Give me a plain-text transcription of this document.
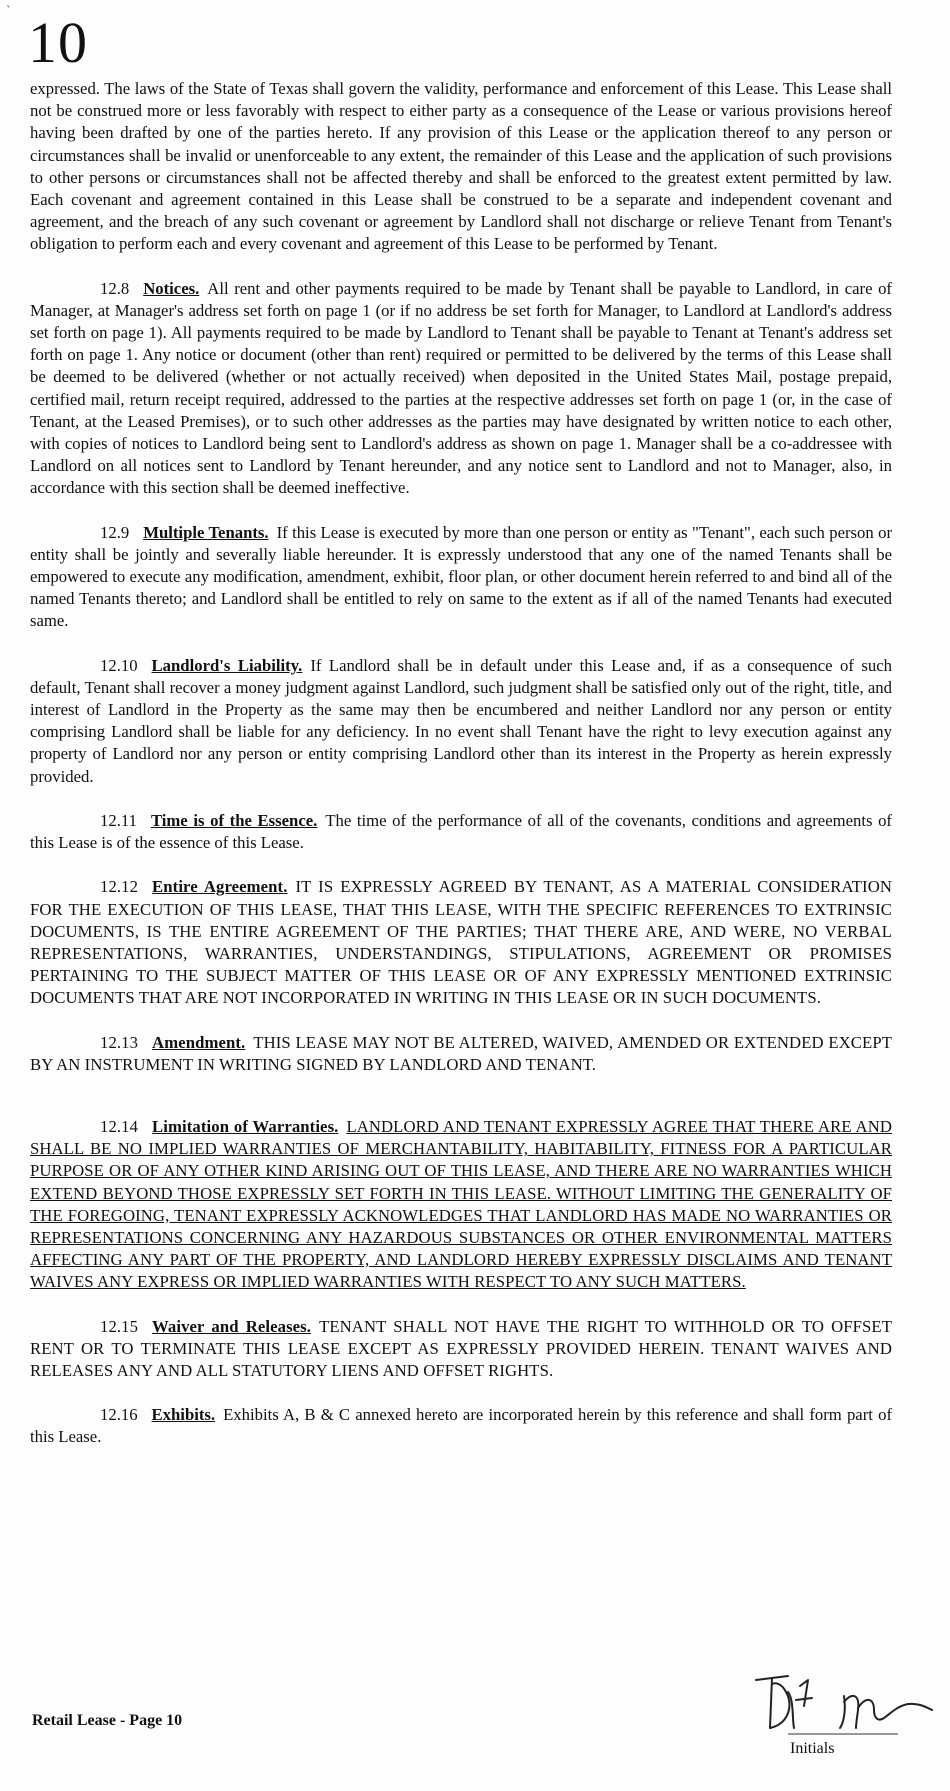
` 10

expressed. The laws of the State of Texas shall govern the validity, performance and enforcement of this Lease. This Lease shall not be construed more or less favorably with respect to either party as a consequence of the Lease or various provisions hereof having been drafted by one of the parties hereto. If any provision of this Lease or the application thereof to any person or circumstances shall be invalid or unenforceable to any extent, the remainder of this Lease and the application of such provisions to other persons or circumstances shall not be affected thereby and shall be enforced to the greatest extent permitted by law. Each covenant and agreement contained in this Lease shall be construed to be a separate and independent covenant and agreement, and the breach of any such covenant or agreement by Landlord shall not discharge or relieve Tenant from Tenant's obligation to perform each and every covenant and agreement of this Lease to be performed by Tenant.

12.8 Notices. All rent and other payments required to be made by Tenant shall be payable to Landlord, in care of Manager, at Manager's address set forth on page 1 (or if no address be set forth for Manager, to Landlord at Landlord's address set forth on page 1). All payments required to be made by Landlord to Tenant shall be payable to Tenant at Tenant's address set forth on page 1. Any notice or document (other than rent) required or permitted to be delivered by the terms of this Lease shall be deemed to be delivered (whether or not actually received) when deposited in the United States Mail, postage prepaid, certified mail, return receipt required, addressed to the parties at the respective addresses set forth on page 1 (or, in the case of Tenant, at the Leased Premises), or to such other addresses as the parties may have designated by written notice to each other, with copies of notices to Landlord being sent to Landlord's address as shown on page 1. Manager shall be a co-addressee with Landlord on all notices sent to Landlord by Tenant hereunder, and any notice sent to Landlord and not to Manager, also, in accordance with this section shall be deemed ineffective.

12.9 Multiple Tenants. If this Lease is executed by more than one person or entity as "Tenant", each such person or entity shall be jointly and severally liable hereunder. It is expressly understood that any one of the named Tenants shall be empowered to execute any modification, amendment, exhibit, floor plan, or other document herein referred to and bind all of the named Tenants thereto; and Landlord shall be entitled to rely on same to the extent as if all of the named Tenants had executed same.

12.10 Landlord's Liability. If Landlord shall be in default under this Lease and, if as a consequence of such default, Tenant shall recover a money judgment against Landlord, such judgment shall be satisfied only out of the right, title, and interest of Landlord in the Property as the same may then be encumbered and neither Landlord nor any person or entity comprising Landlord shall be liable for any deficiency. In no event shall Tenant have the right to levy execution against any property of Landlord nor any person or entity comprising Landlord other than its interest in the Property as herein expressly provided.

12.11 Time is of the Essence. The time of the performance of all of the covenants, conditions and agreements of this Lease is of the essence of this Lease.

12.12 Entire Agreement. IT IS EXPRESSLY AGREED BY TENANT, AS A MATERIAL CONSIDERATION FOR THE EXECUTION OF THIS LEASE, THAT THIS LEASE, WITH THE SPECIFIC REFERENCES TO EXTRINSIC DOCUMENTS, IS THE ENTIRE AGREEMENT OF THE PARTIES; THAT THERE ARE, AND WERE, NO VERBAL REPRESENTATIONS, WARRANTIES, UNDERSTANDINGS, STIPULATIONS, AGREEMENT OR PROMISES PERTAINING TO THE SUBJECT MATTER OF THIS LEASE OR OF ANY EXPRESSLY MENTIONED EXTRINSIC DOCUMENTS THAT ARE NOT INCORPORATED IN WRITING IN THIS LEASE OR IN SUCH DOCUMENTS.

12.13 Amendment. THIS LEASE MAY NOT BE ALTERED, WAIVED, AMENDED OR EXTENDED EXCEPT BY AN INSTRUMENT IN WRITING SIGNED BY LANDLORD AND TENANT.

12.14 Limitation of Warranties. LANDLORD AND TENANT EXPRESSLY AGREE THAT THERE ARE AND SHALL BE NO IMPLIED WARRANTIES OF MERCHANTABILITY, HABITABILITY, FITNESS FOR A PARTICULAR PURPOSE OR OF ANY OTHER KIND ARISING OUT OF THIS LEASE, AND THERE ARE NO WARRANTIES WHICH EXTEND BEYOND THOSE EXPRESSLY SET FORTH IN THIS LEASE. WITHOUT LIMITING THE GENERALITY OF THE FOREGOING, TENANT EXPRESSLY ACKNOWLEDGES THAT LANDLORD HAS MADE NO WARRANTIES OR REPRESENTATIONS CONCERNING ANY HAZARDOUS SUBSTANCES OR OTHER ENVIRONMENTAL MATTERS AFFECTING ANY PART OF THE PROPERTY, AND LANDLORD HEREBY EXPRESSLY DISCLAIMS AND TENANT WAIVES ANY EXPRESS OR IMPLIED WARRANTIES WITH RESPECT TO ANY SUCH MATTERS.

12.15 Waiver and Releases. TENANT SHALL NOT HAVE THE RIGHT TO WITHHOLD OR TO OFFSET RENT OR TO TERMINATE THIS LEASE EXCEPT AS EXPRESSLY PROVIDED HEREIN. TENANT WAIVES AND RELEASES ANY AND ALL STATUTORY LIENS AND OFFSET RIGHTS.

12.16 Exhibits. Exhibits A, B & C annexed hereto are incorporated herein by this reference and shall form part of this Lease.

Retail Lease - Page 10
Initials
